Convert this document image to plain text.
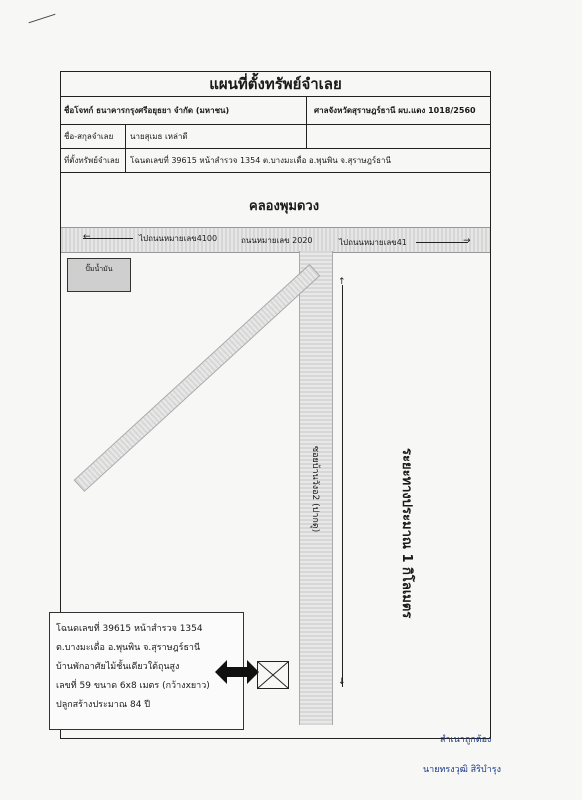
แผนที่ตั้งทรัพย์จำเลย
ชื่อโจทก์ ธนาคารกรุงศรีอยุธยา จำกัด (มหาชน)	ศาลจังหวัดสุราษฎร์ธานี ผบ.แดง 1018/2560
ชื่อ-สกุลจำเลย	นายสุเมธ เหล่าดี
ที่ตั้งทรัพย์จำเลย	โฉนดเลขที่ 39615 หน้าสำรวจ 1354 ต.บางมะเดื่อ อ.พุนพิน จ.สุราษฎร์ธานี
คลองพุมดวง
←	ไปถนนหมายเลข4100	ถนนหมายเลข 2020	ไปถนนหมายเลข41	→
ปั๊มน้ำมัน
ซอยบ้านวังอ2 (ปากดู)
↑
↓
ระยะทางประมาณ 1 กิโลเมตร
โฉนดเลขที่ 39615 หน้าสำรวจ 1354
ต.บางมะเดื่อ อ.พุนพิน จ.สุราษฎร์ธานี
บ้านพักอาศัยไม้ชั้นเดียวใต้ถุนสูง
เลขที่ 59 ขนาด 6x8 เมตร (กว้างxยาว)
ปลูกสร้างประมาณ 84 ปี
สำเนาถูกต้อง
นายทรงวุฒิ สิริบำรุง
